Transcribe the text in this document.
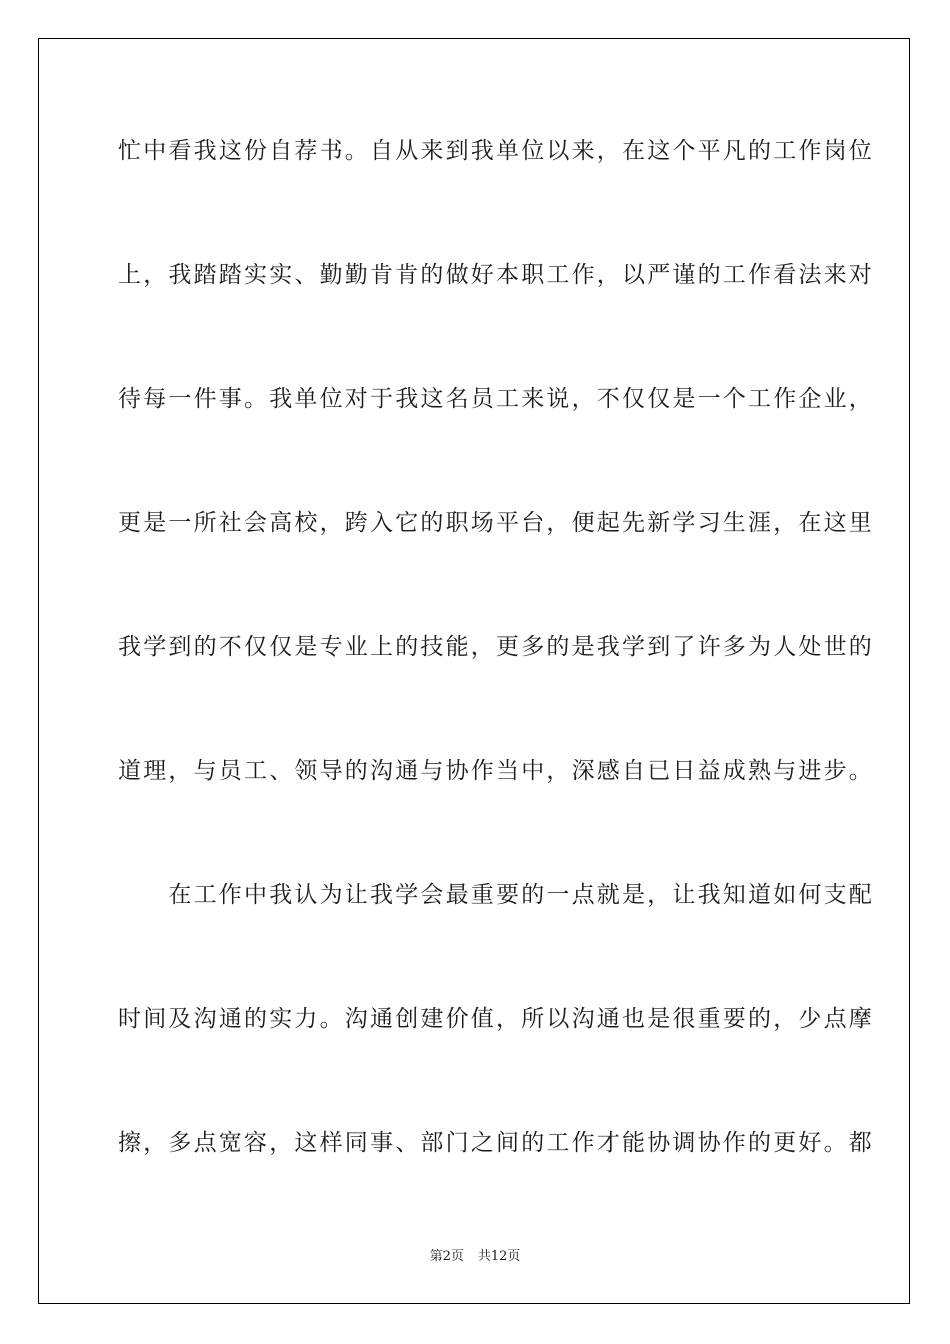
忙中看我这份自荐书。自从来到我单位以来，在这个平凡的工作岗位
上，我踏踏实实、勤勤肯肯的做好本职工作，以严谨的工作看法来对
待每一件事。我单位对于我这名员工来说，不仅仅是一个工作企业，
更是一所社会高校，跨入它的职场平台，便起先新学习生涯，在这里
我学到的不仅仅是专业上的技能，更多的是我学到了许多为人处世的
道理，与员工、领导的沟通与协作当中，深感自已日益成熟与进步。
　　在工作中我认为让我学会最重要的一点就是，让我知道如何支配
时间及沟通的实力。沟通创建价值，所以沟通也是很重要的，少点摩
擦，多点宽容，这样同事、部门之间的工作才能协调协作的更好。都
第2页 共12页
